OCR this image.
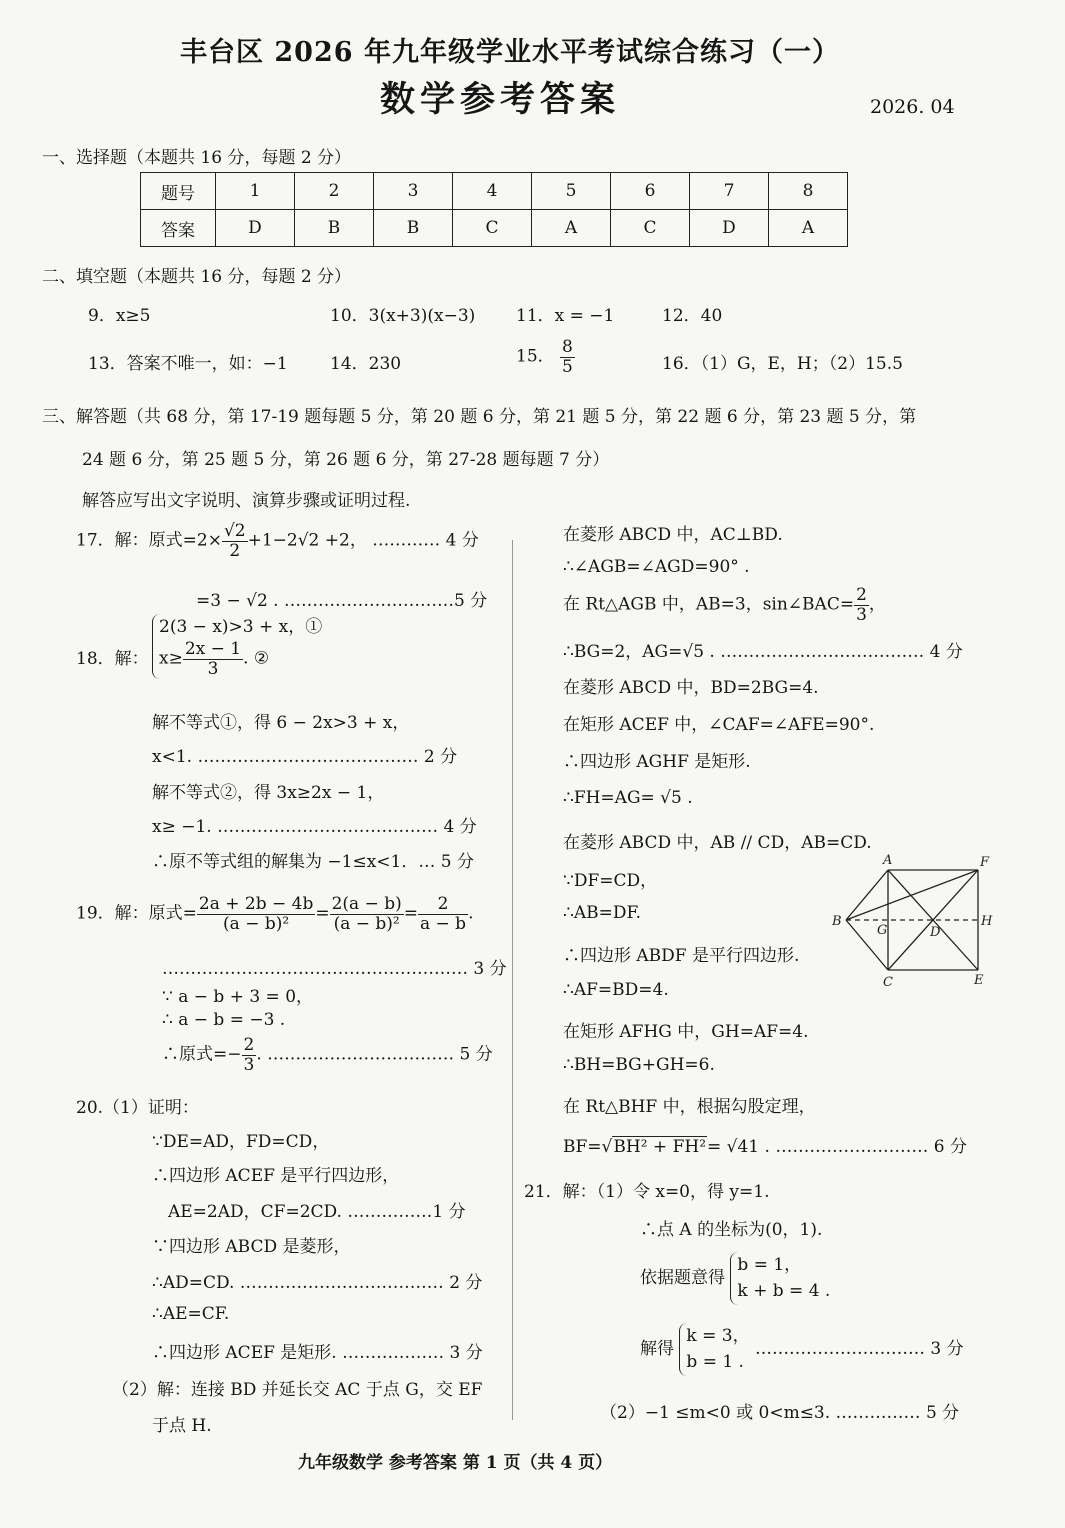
丰台区 2026 年九年级学业水平考试综合练习（一）
数学参考答案	2026. 04
一、选择题（本题共 16 分，每题 2 分）
题号	1	2	3	4	5	6	7	8
答案	D	B	B	C	A	C	D	A
二、填空题（本题共 16 分，每题 2 分）
9．x≥5	10．3(x+3)(x−3) 11．x = −1	12．40
13．答案不唯一，如：−1 14．230	15． $\frac{8}{5}$	16．（1）G，E，H；（2）15.5
三、解答题（共 68 分，第 17-19 题每题 5 分，第 20 题 6 分，第 21 题 5 分，第 22 题 6 分，第 23 题 5 分，第
24 题 6 分，第 25 题 5 分，第 26 题 6 分，第 27-28 题每题 7 分）
解答应写出文字说明、演算步骤或证明过程.
17．解：原式$=2\times \frac{√2}{2} +1-2√2 +2$， ………… 4 分
=3 − √2 . …………………………5 分
18．解：
2(3 − x)>3 + x，①
$x\ge \frac{2x - 1}{3}$ . ②
解不等式①，得 6 − 2x>3 + x，
x<1. ………………………………… 2 分
解不等式②，得 3x≥2x − 1，
x≥ −1. ………………………………… 4 分
∴原不等式组的解集为 −1≤x<1．… 5 分
19．解：原式= $\frac{2a + 2b - 4b}{\text{(a − b)²}} = \frac{2(a - b)}{\text{(a − b)²}} = \frac{2}{a - b}$ .
……………………………………………… 3 分
∵ a − b + 3 = 0，
∴ a − b = −3 .
∴原式=− $\frac{2}{3}$ . …………………………… 5 分
20.（1）证明：
∵DE=AD，FD=CD，
∴四边形 ACEF 是平行四边形，
AE=2AD，CF=2CD. ……………1 分
∵四边形 ABCD 是菱形，
∴AD=CD. ……………………………… 2 分
∴AE=CF.
∴四边形 ACEF 是矩形. ……………… 3 分
（2）解：连接 BD 并延长交 AC 于点 G，交 EF
于点 H.
在菱形 ABCD 中，AC⊥BD.
∴∠AGB=∠AGD=90° .
在 Rt△AGB 中，AB=3，sin∠BAC= $\frac{2}{3}$ ，
∴BG=2，AG=√5 . ……………………………… 4 分
在菱形 ABCD 中，BD=2BG=4.
在矩形 ACEF 中，∠CAF=∠AFE=90°.
∴四边形 AGHF 是矩形.
∴FH=AG= √5 .
在菱形 ABCD 中，AB // CD，AB=CD.
∵DF=CD，
∴AB=DF.
∴四边形 ABDF 是平行四边形.
∴AF=BD=4.
在矩形 AFHG 中，GH=AF=4.
∴BH=BG+GH=6.
在 Rt△BHF 中，根据勾股定理，
BF=√BH² + FH²= √41 . ……………………… 6 分
21．解：（1）令 x=0，得 y=1.
∴点 A 的坐标为(0，1).
依据题意得
b = 1，
k + b = 4 .
解得
k = 3，
b = 1 .
………………………… 3 分
（2）−1 ≤m<0 或 0<m≤3. …………… 5 分
A	F
B
G	D
H
C	E
九年级数学 参考答案 第 1 页（共 4 页）
